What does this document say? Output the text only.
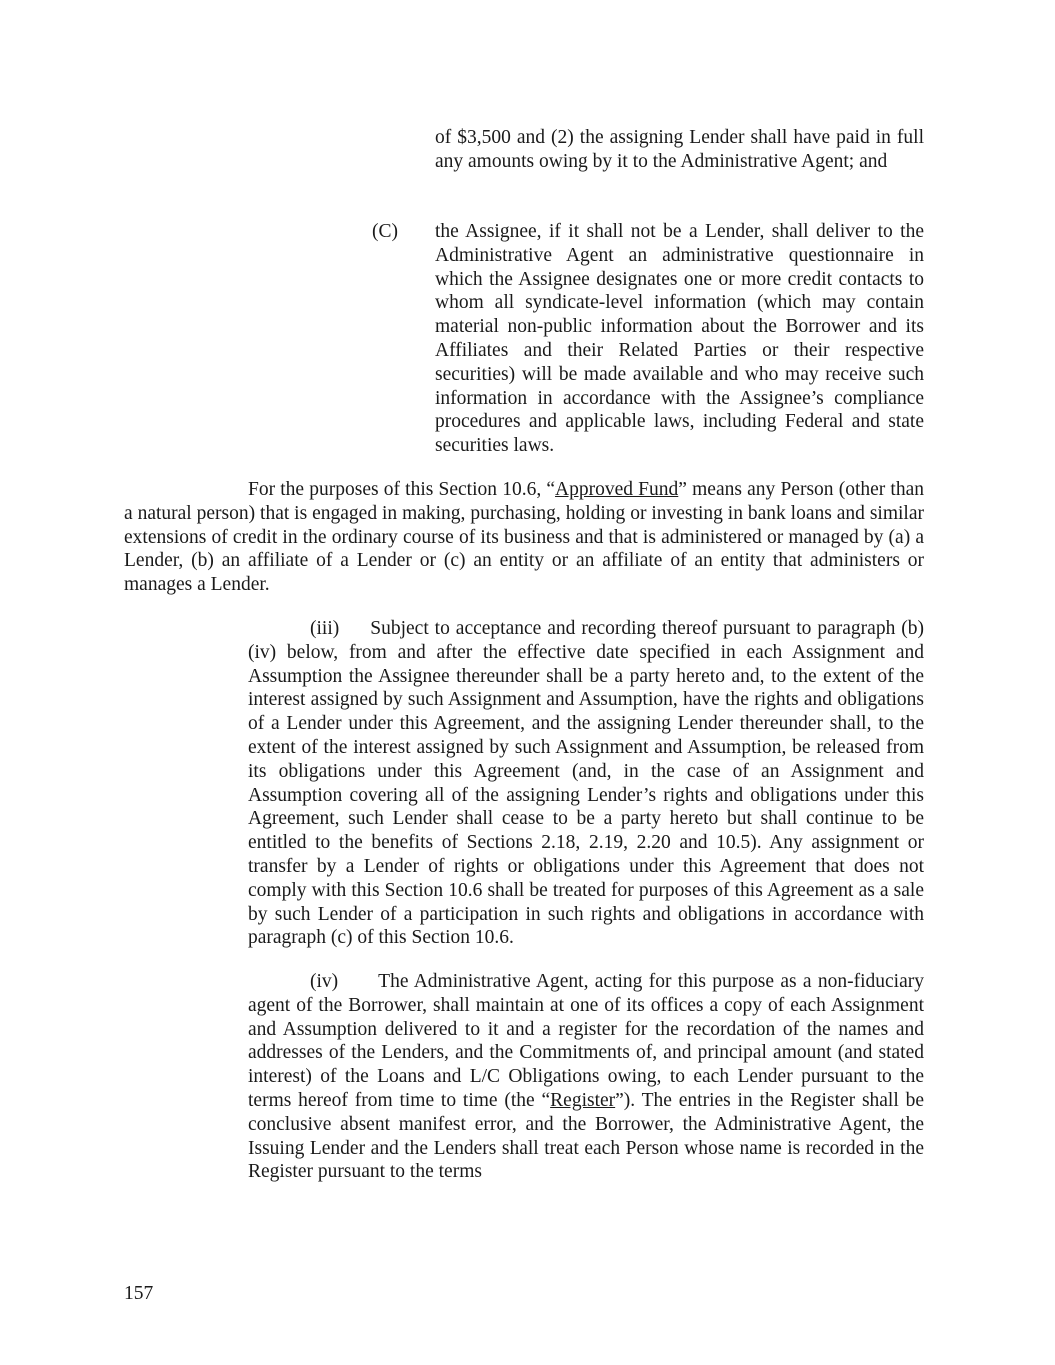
of $3,500 and (2) the assigning Lender shall have paid in full any amounts owing by it to the Administrative Agent; and

(C) the Assignee, if it shall not be a Lender, shall deliver to the Administrative Agent an administrative questionnaire in which the Assignee designates one or more credit contacts to whom all syndicate-level information (which may contain material non-public information about the Borrower and its Affiliates and their Related Parties or their respective securities) will be made available and who may receive such information in accordance with the Assignee’s compliance procedures and applicable laws, including Federal and state securities laws.

For the purposes of this Section 10.6, “Approved Fund” means any Person (other than a natural person) that is engaged in making, purchasing, holding or investing in bank loans and similar extensions of credit in the ordinary course of its business and that is administered or managed by (a) a Lender, (b) an affiliate of a Lender or (c) an entity or an affiliate of an entity that administers or manages a Lender.

(iii) Subject to acceptance and recording thereof pursuant to paragraph (b)(iv) below, from and after the effective date specified in each Assignment and Assumption the Assignee thereunder shall be a party hereto and, to the extent of the interest assigned by such Assignment and Assumption, have the rights and obligations of a Lender under this Agreement, and the assigning Lender thereunder shall, to the extent of the interest assigned by such Assignment and Assumption, be released from its obligations under this Agreement (and, in the case of an Assignment and Assumption covering all of the assigning Lender’s rights and obligations under this Agreement, such Lender shall cease to be a party hereto but shall continue to be entitled to the benefits of Sections 2.18, 2.19, 2.20 and 10.5). Any assignment or transfer by a Lender of rights or obligations under this Agreement that does not comply with this Section 10.6 shall be treated for purposes of this Agreement as a sale by such Lender of a participation in such rights and obligations in accordance with paragraph (c) of this Section 10.6.

(iv) The Administrative Agent, acting for this purpose as a non-fiduciary agent of the Borrower, shall maintain at one of its offices a copy of each Assignment and Assumption delivered to it and a register for the recordation of the names and addresses of the Lenders, and the Commitments of, and principal amount (and stated interest) of the Loans and L/C Obligations owing, to each Lender pursuant to the terms hereof from time to time (the “Register”). The entries in the Register shall be conclusive absent manifest error, and the Borrower, the Administrative Agent, the Issuing Lender and the Lenders shall treat each Person whose name is recorded in the Register pursuant to the terms

157
